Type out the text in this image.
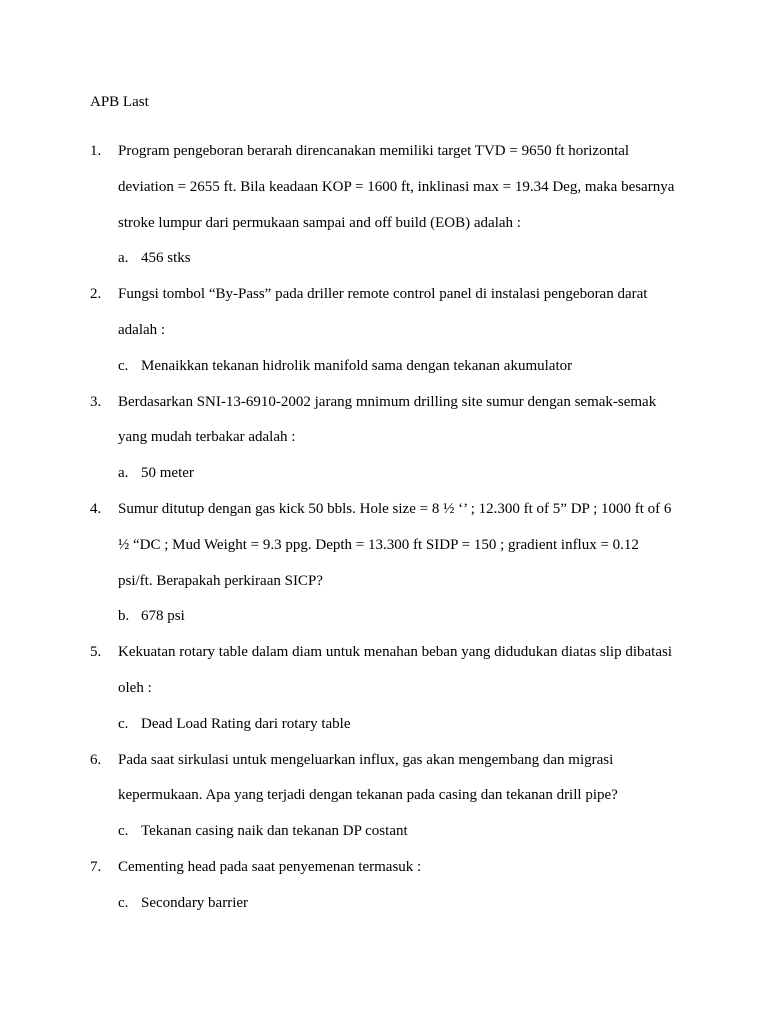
APB Last
1.	Program pengeboran berarah direncanakan memiliki target TVD = 9650 ft horizontal
deviation = 2655 ft. Bila keadaan KOP = 1600 ft, inklinasi max = 19.34 Deg, maka besarnya
stroke lumpur dari permukaan sampai and off build (EOB) adalah :
a. 456 stks
2.	Fungsi tombol “By-Pass” pada driller remote control panel di instalasi pengeboran darat
adalah :
c. Menaikkan tekanan hidrolik manifold sama dengan tekanan akumulator
3.	Berdasarkan SNI-13-6910-2002 jarang mnimum drilling site sumur dengan semak-semak
yang mudah terbakar adalah :
a. 50 meter
4.	Sumur ditutup dengan gas kick 50 bbls. Hole size = 8 ½ ‘’ ; 12.300 ft of 5” DP ; 1000 ft of 6
½ “DC ; Mud Weight = 9.3 ppg. Depth = 13.300 ft SIDP = 150 ; gradient influx = 0.12
psi/ft. Berapakah perkiraan SICP?
b. 678 psi
5.	Kekuatan rotary table dalam diam untuk menahan beban yang didudukan diatas slip dibatasi
oleh :
c. Dead Load Rating dari rotary table
6.	Pada saat sirkulasi untuk mengeluarkan influx, gas akan mengembang dan migrasi
kepermukaan. Apa yang terjadi dengan tekanan pada casing dan tekanan drill pipe?
c. Tekanan casing naik dan tekanan DP costant
7.	Cementing head pada saat penyemenan termasuk :
c. Secondary barrier
